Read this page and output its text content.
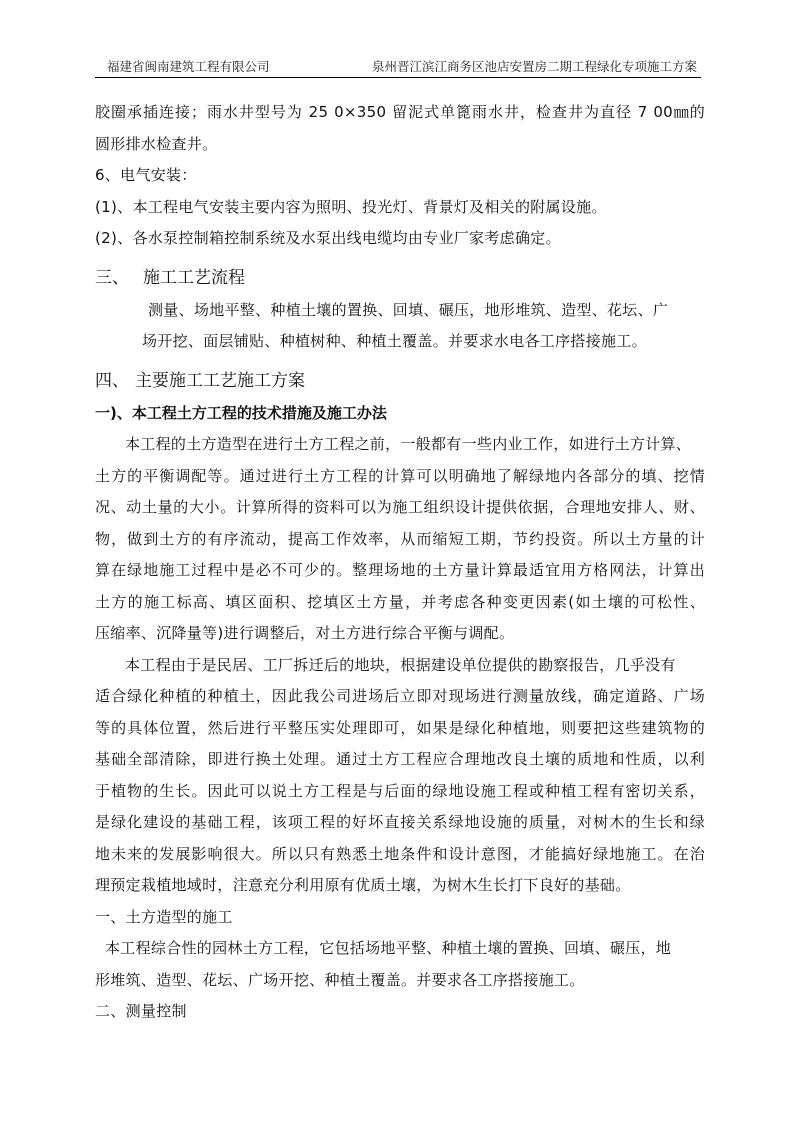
福建省闽南建筑工程有限公司	泉州晋江滨江商务区池店安置房二期工程绿化专项施工方案
胶圈承插连接；雨水井型号为 25 0×350 留泥式单篦雨水井，检查井为直径 7 00㎜的
圆形排水检查井。
6、电气安装：
(1)、本工程电气安装主要内容为照明、投光灯、背景灯及相关的附属设施。
(2)、各水泵控制箱控制系统及水泵出线电缆均由专业厂家考虑确定。
三、 施工工艺流程
测量、场地平整、种植土壤的置换、回填、碾压，地形堆筑、造型、花坛、广
场开挖、面层铺贴、种植树种、种植土覆盖。并要求水电各工序搭接施工。
四、 主要施工工艺施工方案
一)、本工程土方工程的技术措施及施工办法
本工程的土方造型在进行土方工程之前，一般都有一些内业工作，如进行土方计算、
土方的平衡调配等。通过进行土方工程的计算可以明确地了解绿地内各部分的填、挖情
况、动土量的大小。计算所得的资料可以为施工组织设计提供依据，合理地安排人、财、
物，做到土方的有序流动，提高工作效率，从而缩短工期，节约投资。所以土方量的计
算在绿地施工过程中是必不可少的。整理场地的土方量计算最适宜用方格网法，计算出
土方的施工标高、填区面积、挖填区土方量，并考虑各种变更因素(如土壤的可松性、
压缩率、沉降量等)进行调整后，对土方进行综合平衡与调配。
本工程由于是民居、工厂拆迁后的地块，根据建设单位提供的勘察报告，几乎没有
适合绿化种植的种植土，因此我公司进场后立即对现场进行测量放线，确定道路、广场
等的具体位置，然后进行平整压实处理即可，如果是绿化种植地，则要把这些建筑物的
基础全部清除，即进行换土处理。通过土方工程应合理地改良土壤的质地和性质，以利
于植物的生长。因此可以说土方工程是与后面的绿地设施工程或种植工程有密切关系，
是绿化建设的基础工程，该项工程的好坏直接关系绿地设施的质量，对树木的生长和绿
地未来的发展影响很大。所以只有熟悉土地条件和设计意图，才能搞好绿地施工。在治
理预定栽植地域时，注意充分利用原有优质土壤，为树木生长打下良好的基础。
一、土方造型的施工
本工程综合性的园林土方工程，它包括场地平整、种植土壤的置换、回填、碾压，地
形堆筑、造型、花坛、广场开挖、种植土覆盖。并要求各工序搭接施工。
二、测量控制
